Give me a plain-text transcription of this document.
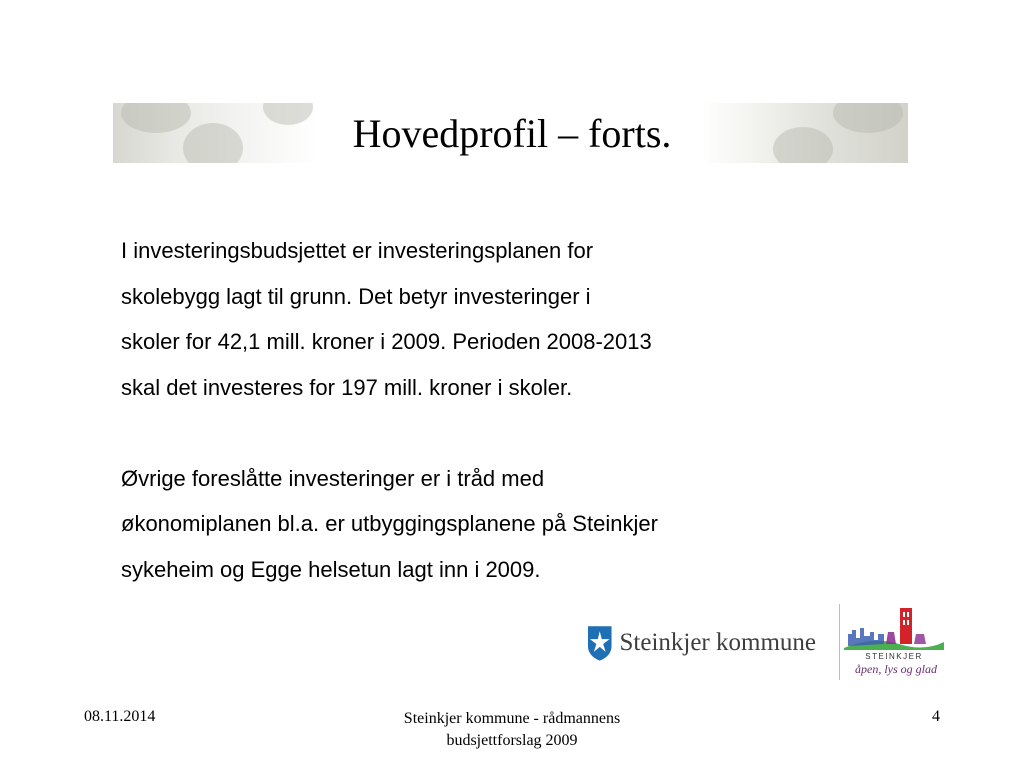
Hovedprofil – forts.

I investeringsbudsjettet er investeringsplanen for

skolebygg lagt til grunn. Det betyr investeringer i

skoler for 42,1 mill. kroner i 2009. Perioden 2008-2013

skal det investeres for 197 mill. kroner i skoler.

Øvrige foreslåtte investeringer er i tråd med

økonomiplanen bl.a. er utbyggingsplanene på Steinkjer

sykeheim og Egge helsetun lagt inn i 2009.

Steinkjer kommune
STEINKJER
åpen, lys og glad
08.11.2014	Steinkjer kommune - rådmannens
budsjettforslag 2009
4
